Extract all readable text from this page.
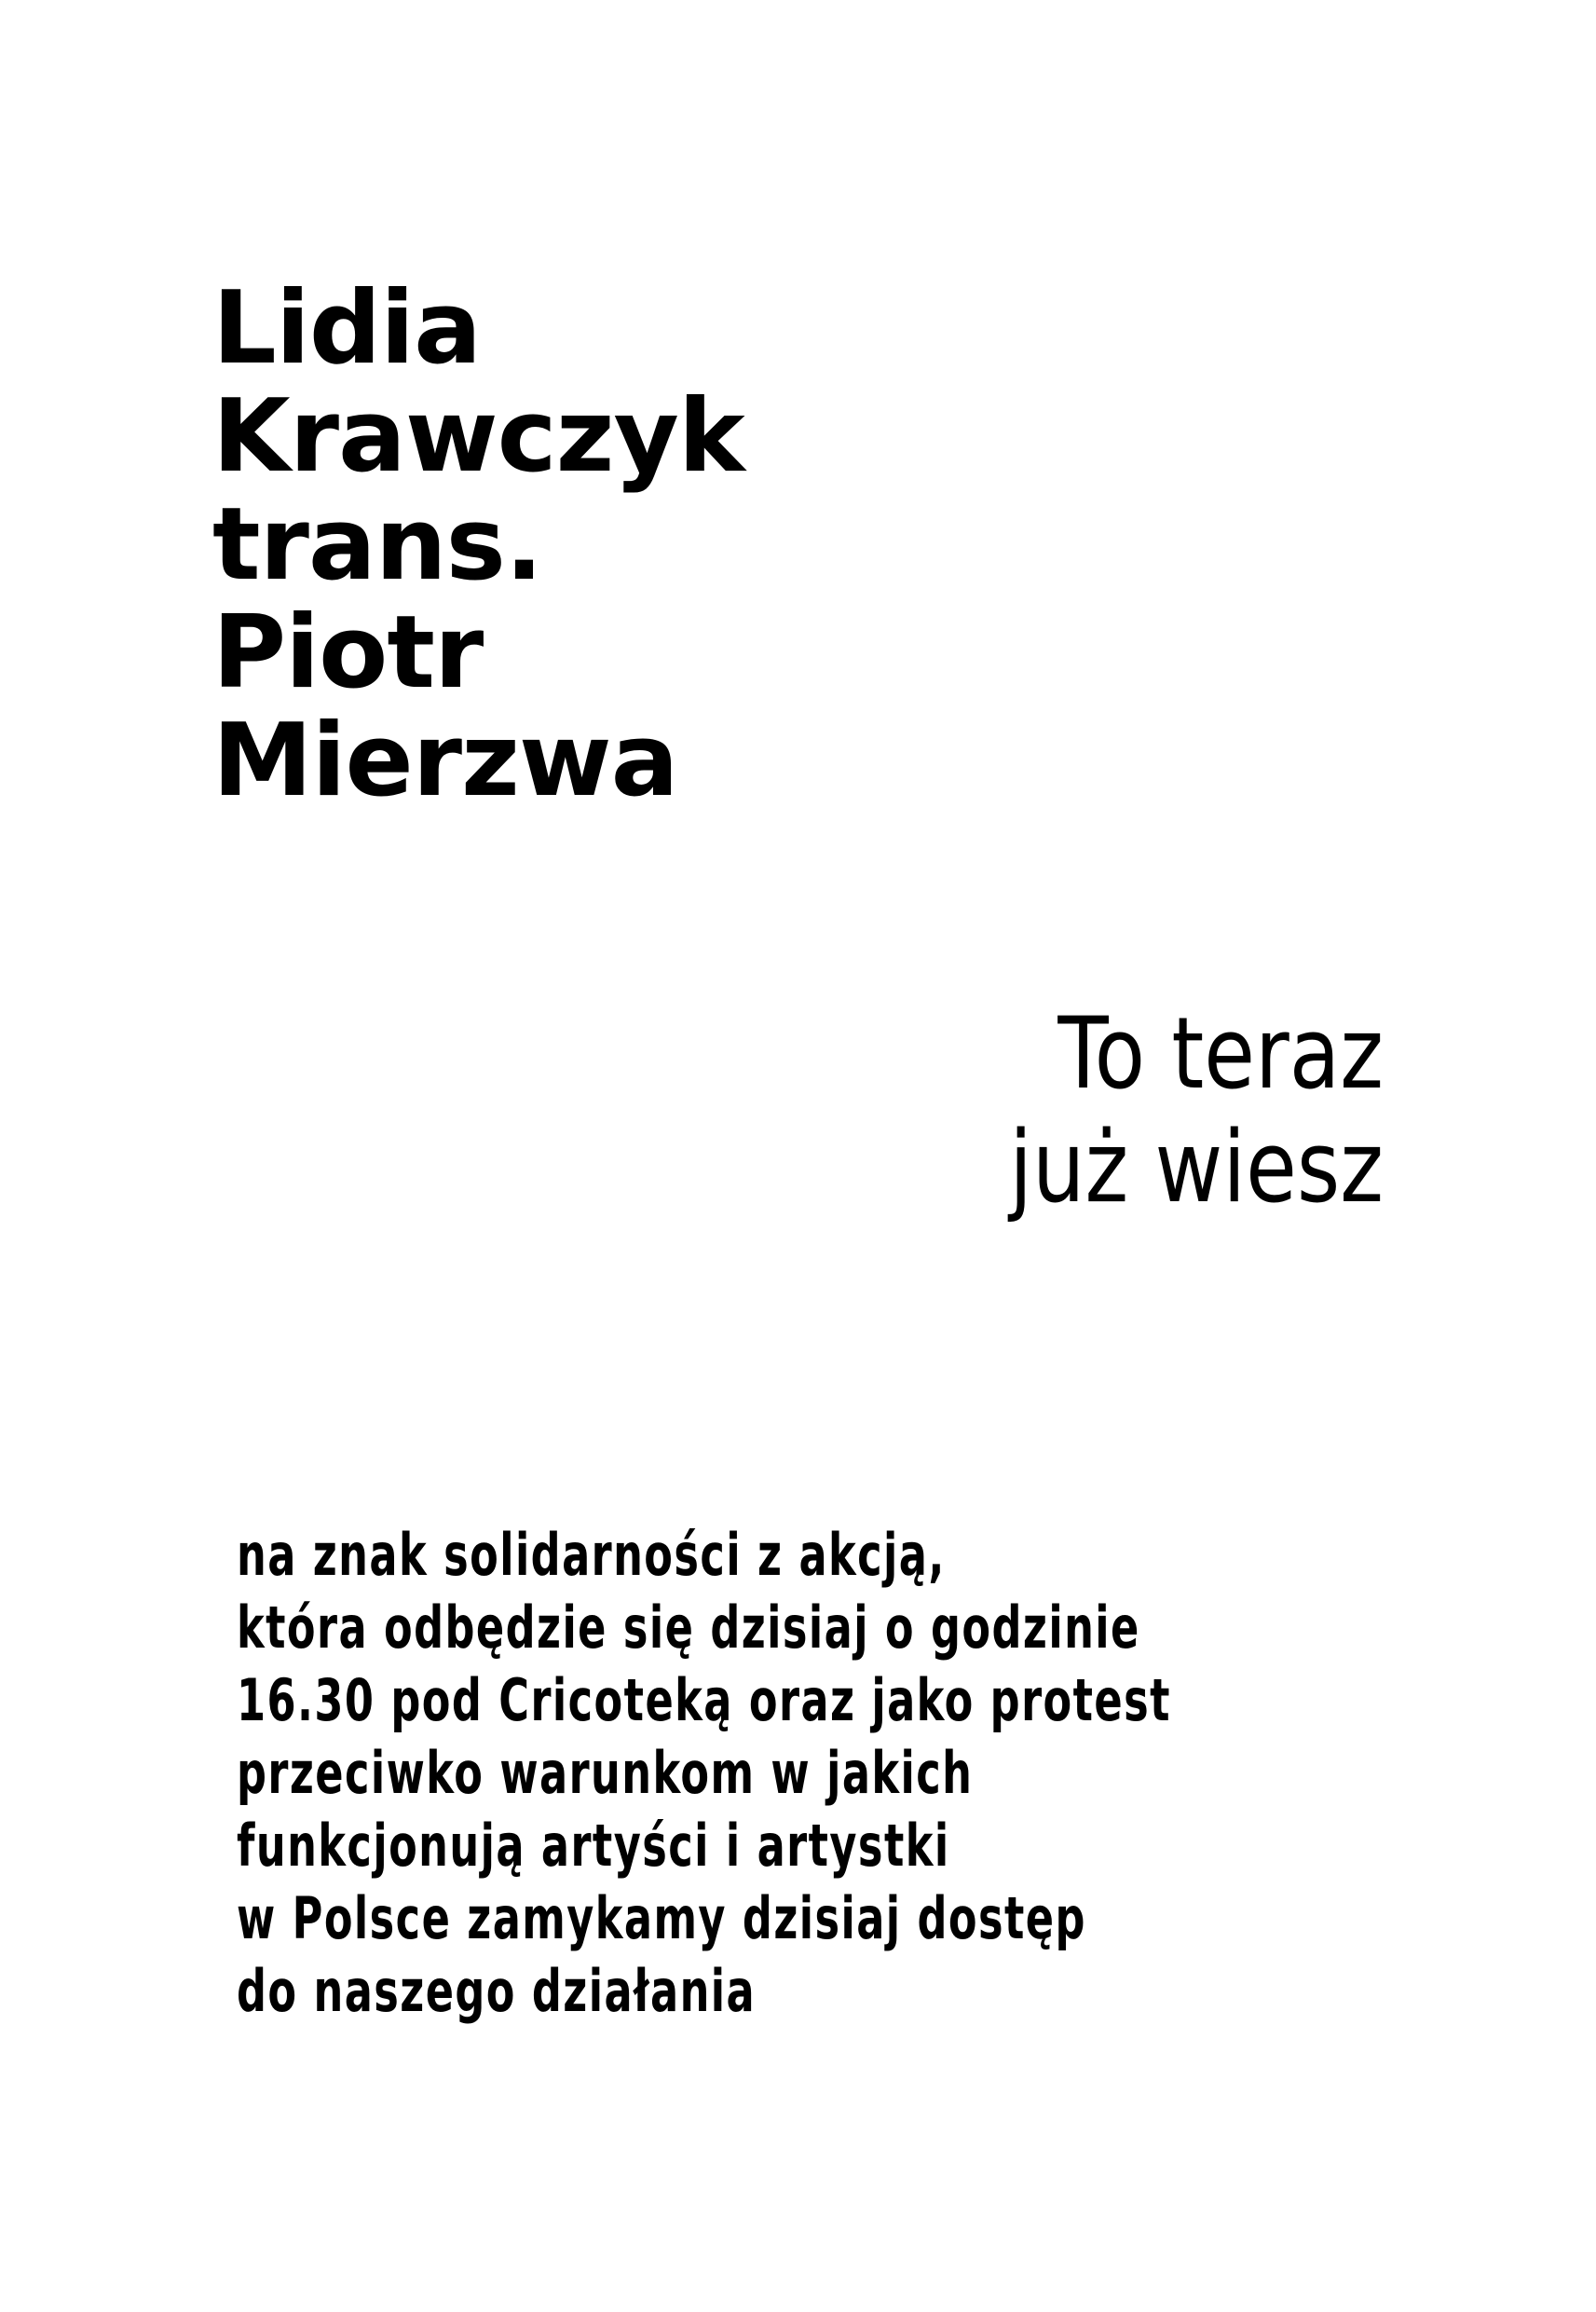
Lidia
Krawczyk
trans.
Piotr
Mierzwa
To teraz
już wiesz
na znak solidarności z akcją,
która odbędzie się dzisiaj o godzinie
16.30 pod Cricoteką oraz jako protest
przeciwko warunkom w jakich
funkcjonują artyści i artystki
w Polsce zamykamy dzisiaj dostęp
do naszego działania
